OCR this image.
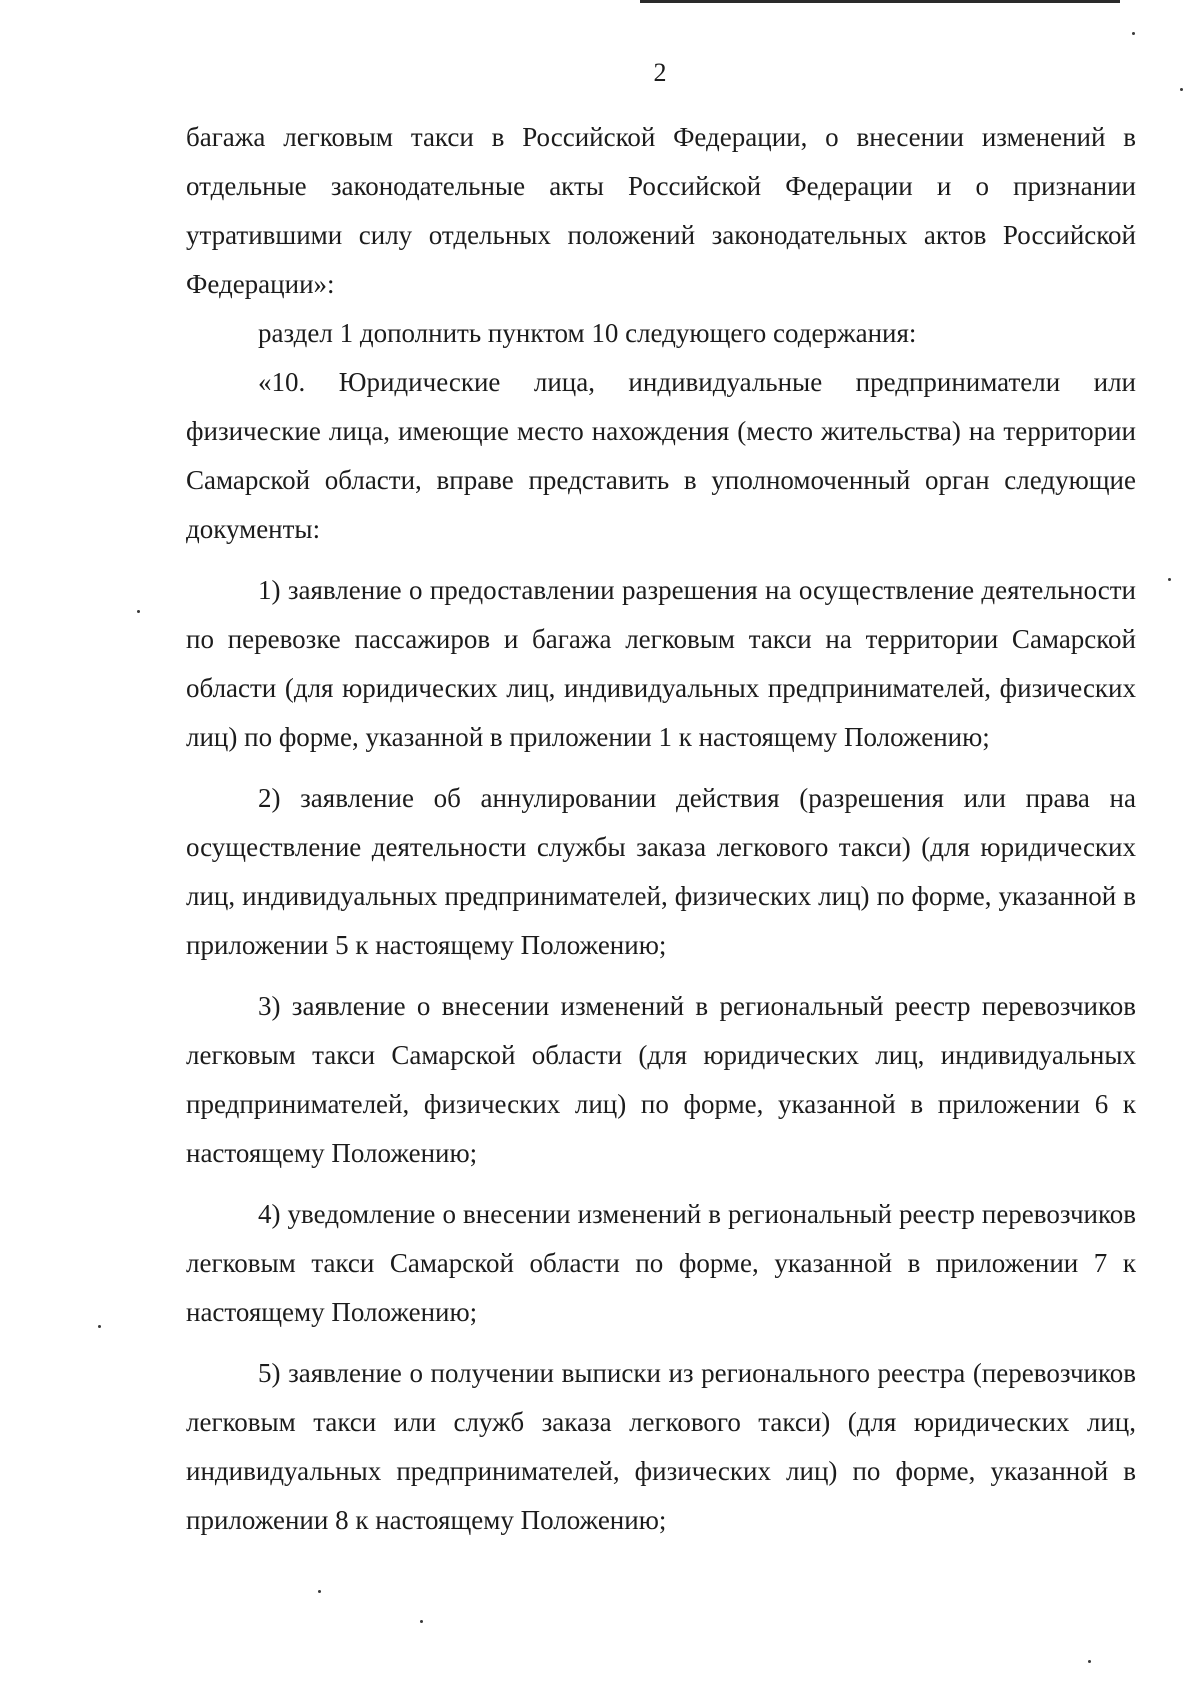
2

багажа легковым такси в Российской Федерации, о внесении изменений в отдельные законодательные акты Российской Федерации и о признании утратившими силу отдельных положений законодательных актов Российской Федерации»:

раздел 1 дополнить пунктом 10 следующего содержания:

«10. Юридические лица, индивидуальные предприниматели или физические лица, имеющие место нахождения (место жительства) на территории Самарской области, вправе представить в уполномоченный орган следующие документы:

1) заявление о предоставлении разрешения на осуществление деятельности по перевозке пассажиров и багажа легковым такси на территории Самарской области (для юридических лиц, индивидуальных предпринимателей, физических лиц) по форме, указанной в приложении 1 к настоящему Положению;

2) заявление об аннулировании действия (разрешения или права на осуществление деятельности службы заказа легкового такси) (для юридических лиц, индивидуальных предпринимателей, физических лиц) по форме, указанной в приложении 5 к настоящему Положению;

3) заявление о внесении изменений в региональный реестр перевозчиков легковым такси Самарской области (для юридических лиц, индивидуальных предпринимателей, физических лиц) по форме, указанной в приложении 6 к настоящему Положению;

4) уведомление о внесении изменений в региональный реестр перевозчиков легковым такси Самарской области по форме, указанной в приложении 7 к настоящему Положению;

5) заявление о получении выписки из регионального реестра (перевозчиков легковым такси или служб заказа легкового такси) (для юридических лиц, индивидуальных предпринимателей, физических лиц) по форме, указанной в приложении 8 к настоящему Положению;
